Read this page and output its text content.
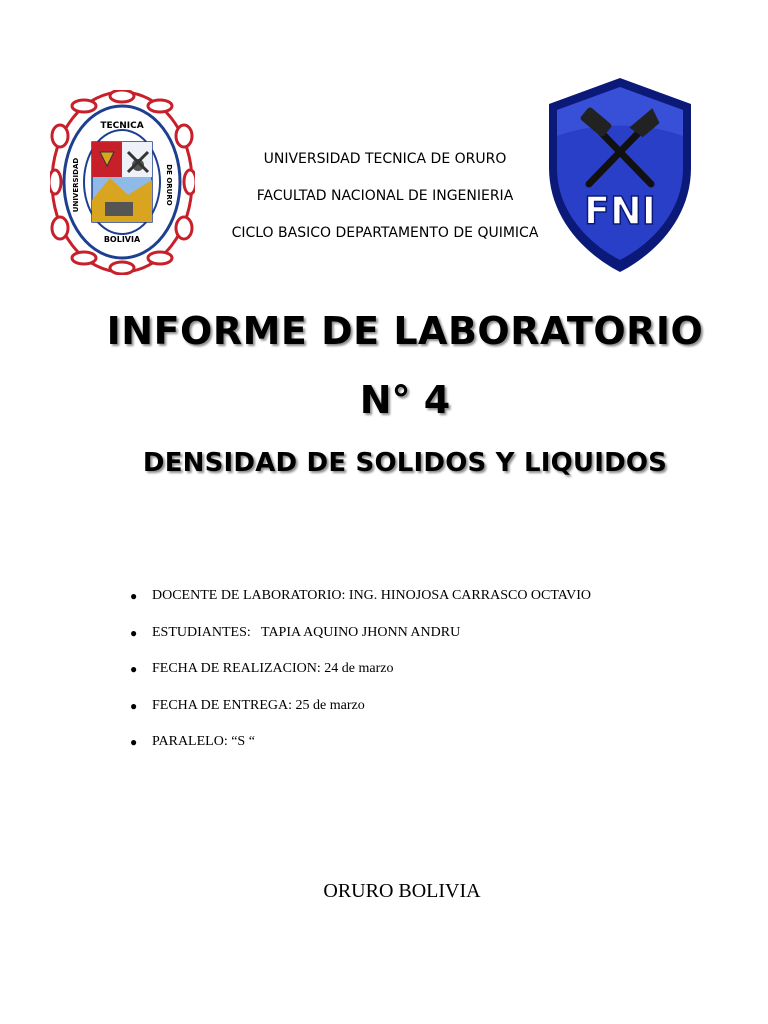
TECNICA
BOLIVIA
UNIVERSIDAD	DE ORURO
FNI
UNIVERSIDAD TECNICA DE ORURO
FACULTAD NACIONAL DE INGENIERIA
CICLO BASICO DEPARTAMENTO DE QUIMICA
INFORME DE LABORATORIO
N° 4
DENSIDAD DE SOLIDOS Y LIQUIDOS
● DOCENTE DE LABORATORIO: ING. HINOJOSA CARRASCO OCTAVIO
● ESTUDIANTES:   TAPIA AQUINO JHONN ANDRU
● FECHA DE REALIZACION: 24 de marzo
● FECHA DE ENTREGA: 25 de marzo
● PARALELO: “S “
ORURO BOLIVIA
